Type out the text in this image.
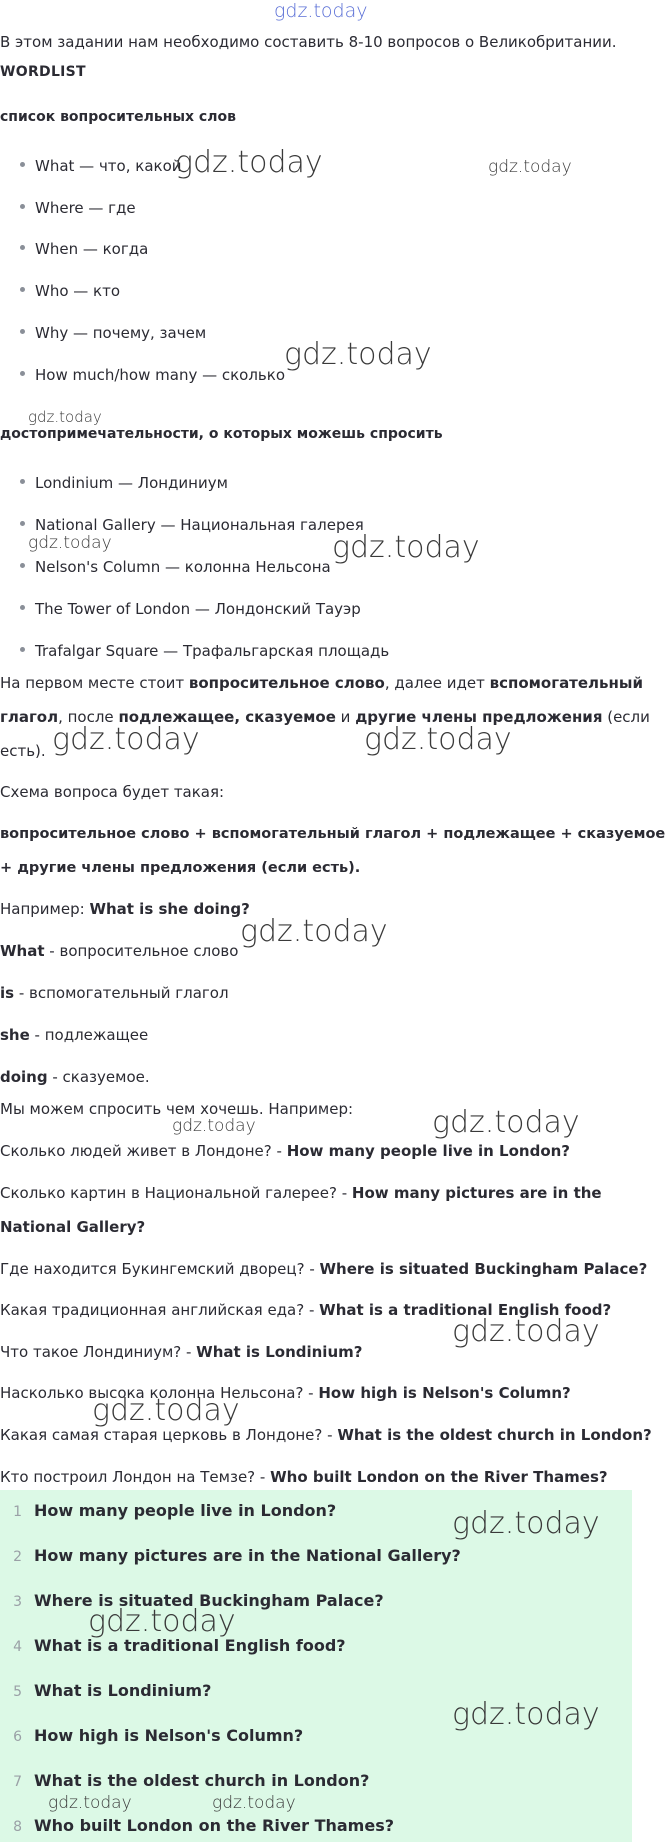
gdz.today
В этом задании нам необходимо составить 8-10 вопросов о Великобритании.
WORDLIST
список вопросительных слов
What — что, какой
Where — где
When — когда
Who — кто
Why — почему, зачем
How much/how many — сколько
достопримечательности, о которых можешь спросить
Londinium — Лондиниум
National Gallery — Национальная галерея
Nelson's Column — колонна Нельсона
The Tower of London — Лондонский Тауэр
Trafalgar Square — Трафальгарская площадь
На первом месте стоит вопросительное слово, далее идет вспомогательный
глагол, после подлежащее, сказуемое и другие члены предложения (если
есть).
Схема вопроса будет такая:
вопросительное слово + вспомогательный глагол + подлежащее + сказуемое
+ другие члены предложения (если есть).
Например: What is she doing?
What - вопросительное слово
is - вспомогательный глагол
she - подлежащее
doing - сказуемое.
Мы можем спросить чем хочешь. Например:
Сколько людей живет в Лондоне? - How many people live in London?
Сколько картин в Национальной галерее? - How many pictures are in the
National Gallery?
Где находится Букингемский дворец? - Where is situated Buckingham Palace?
Какая традиционная английская еда? - What is a traditional English food?
Что такое Лондиниум? - What is Londinium?
Насколько высока колонна Нельсона? - How high is Nelson's Column?
Какая самая старая церковь в Лондоне? - What is the oldest church in London?
Кто построил Лондон на Темзе? - Who built London on the River Thames?
1 How many people live in London?
2 How many pictures are in the National Gallery?
3 Where is situated Buckingham Palace?
4 What is a traditional English food?
5 What is Londinium?
6 How high is Nelson's Column?
7 What is the oldest church in London?
8 Who built London on the River Thames?
gdz.today	gdz.today
gdz.today
gdz.today
gdz.today	gdz.today
gdz.today	gdz.today
gdz.today
gdz.today	gdz.today
gdz.today
gdz.today
gdz.today
gdz.today
gdz.today
gdz.today	gdz.today
